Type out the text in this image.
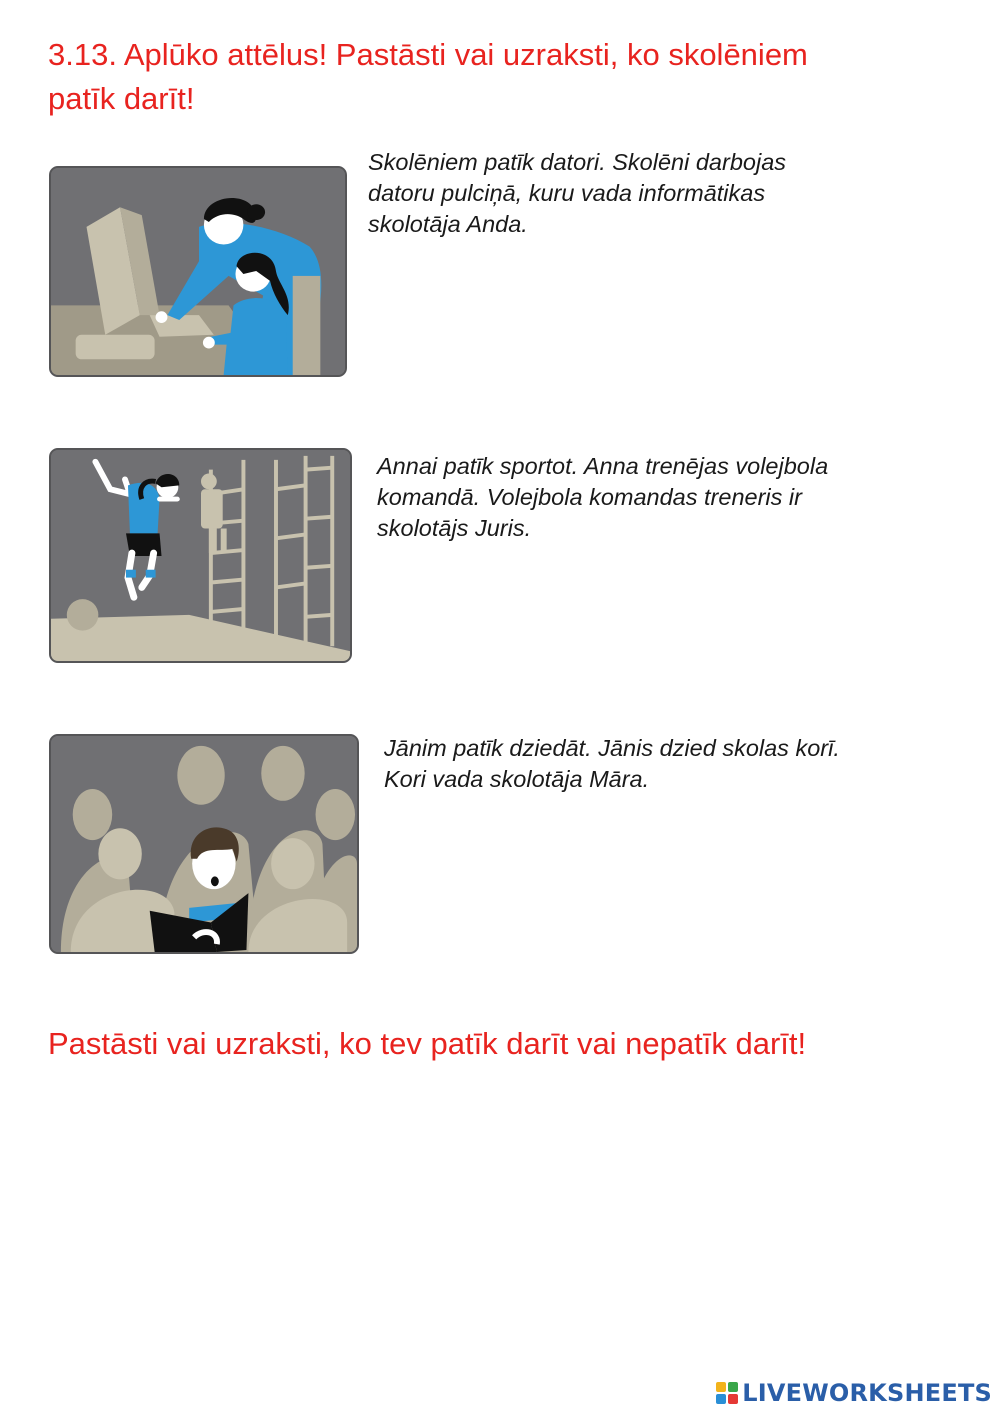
3.13. Aplūko attēlus! Pastāsti vai uzraksti, ko skolēniem
patīk darīt!

Skolēniem patīk datori. Skolēni darbojas
datoru pulciņā, kuru vada informātikas
skolotāja Anda.

Annai patīk sportot. Anna trenējas volejbola
komandā. Volejbola komandas treneris ir
skolotājs Juris.

Jānim patīk dziedāt. Jānis dzied skolas korī.
Kori vada skolotāja Māra.

Pastāsti vai uzraksti, ko tev patīk darīt vai nepatīk darīt!

LIVEWORKSHEETS
